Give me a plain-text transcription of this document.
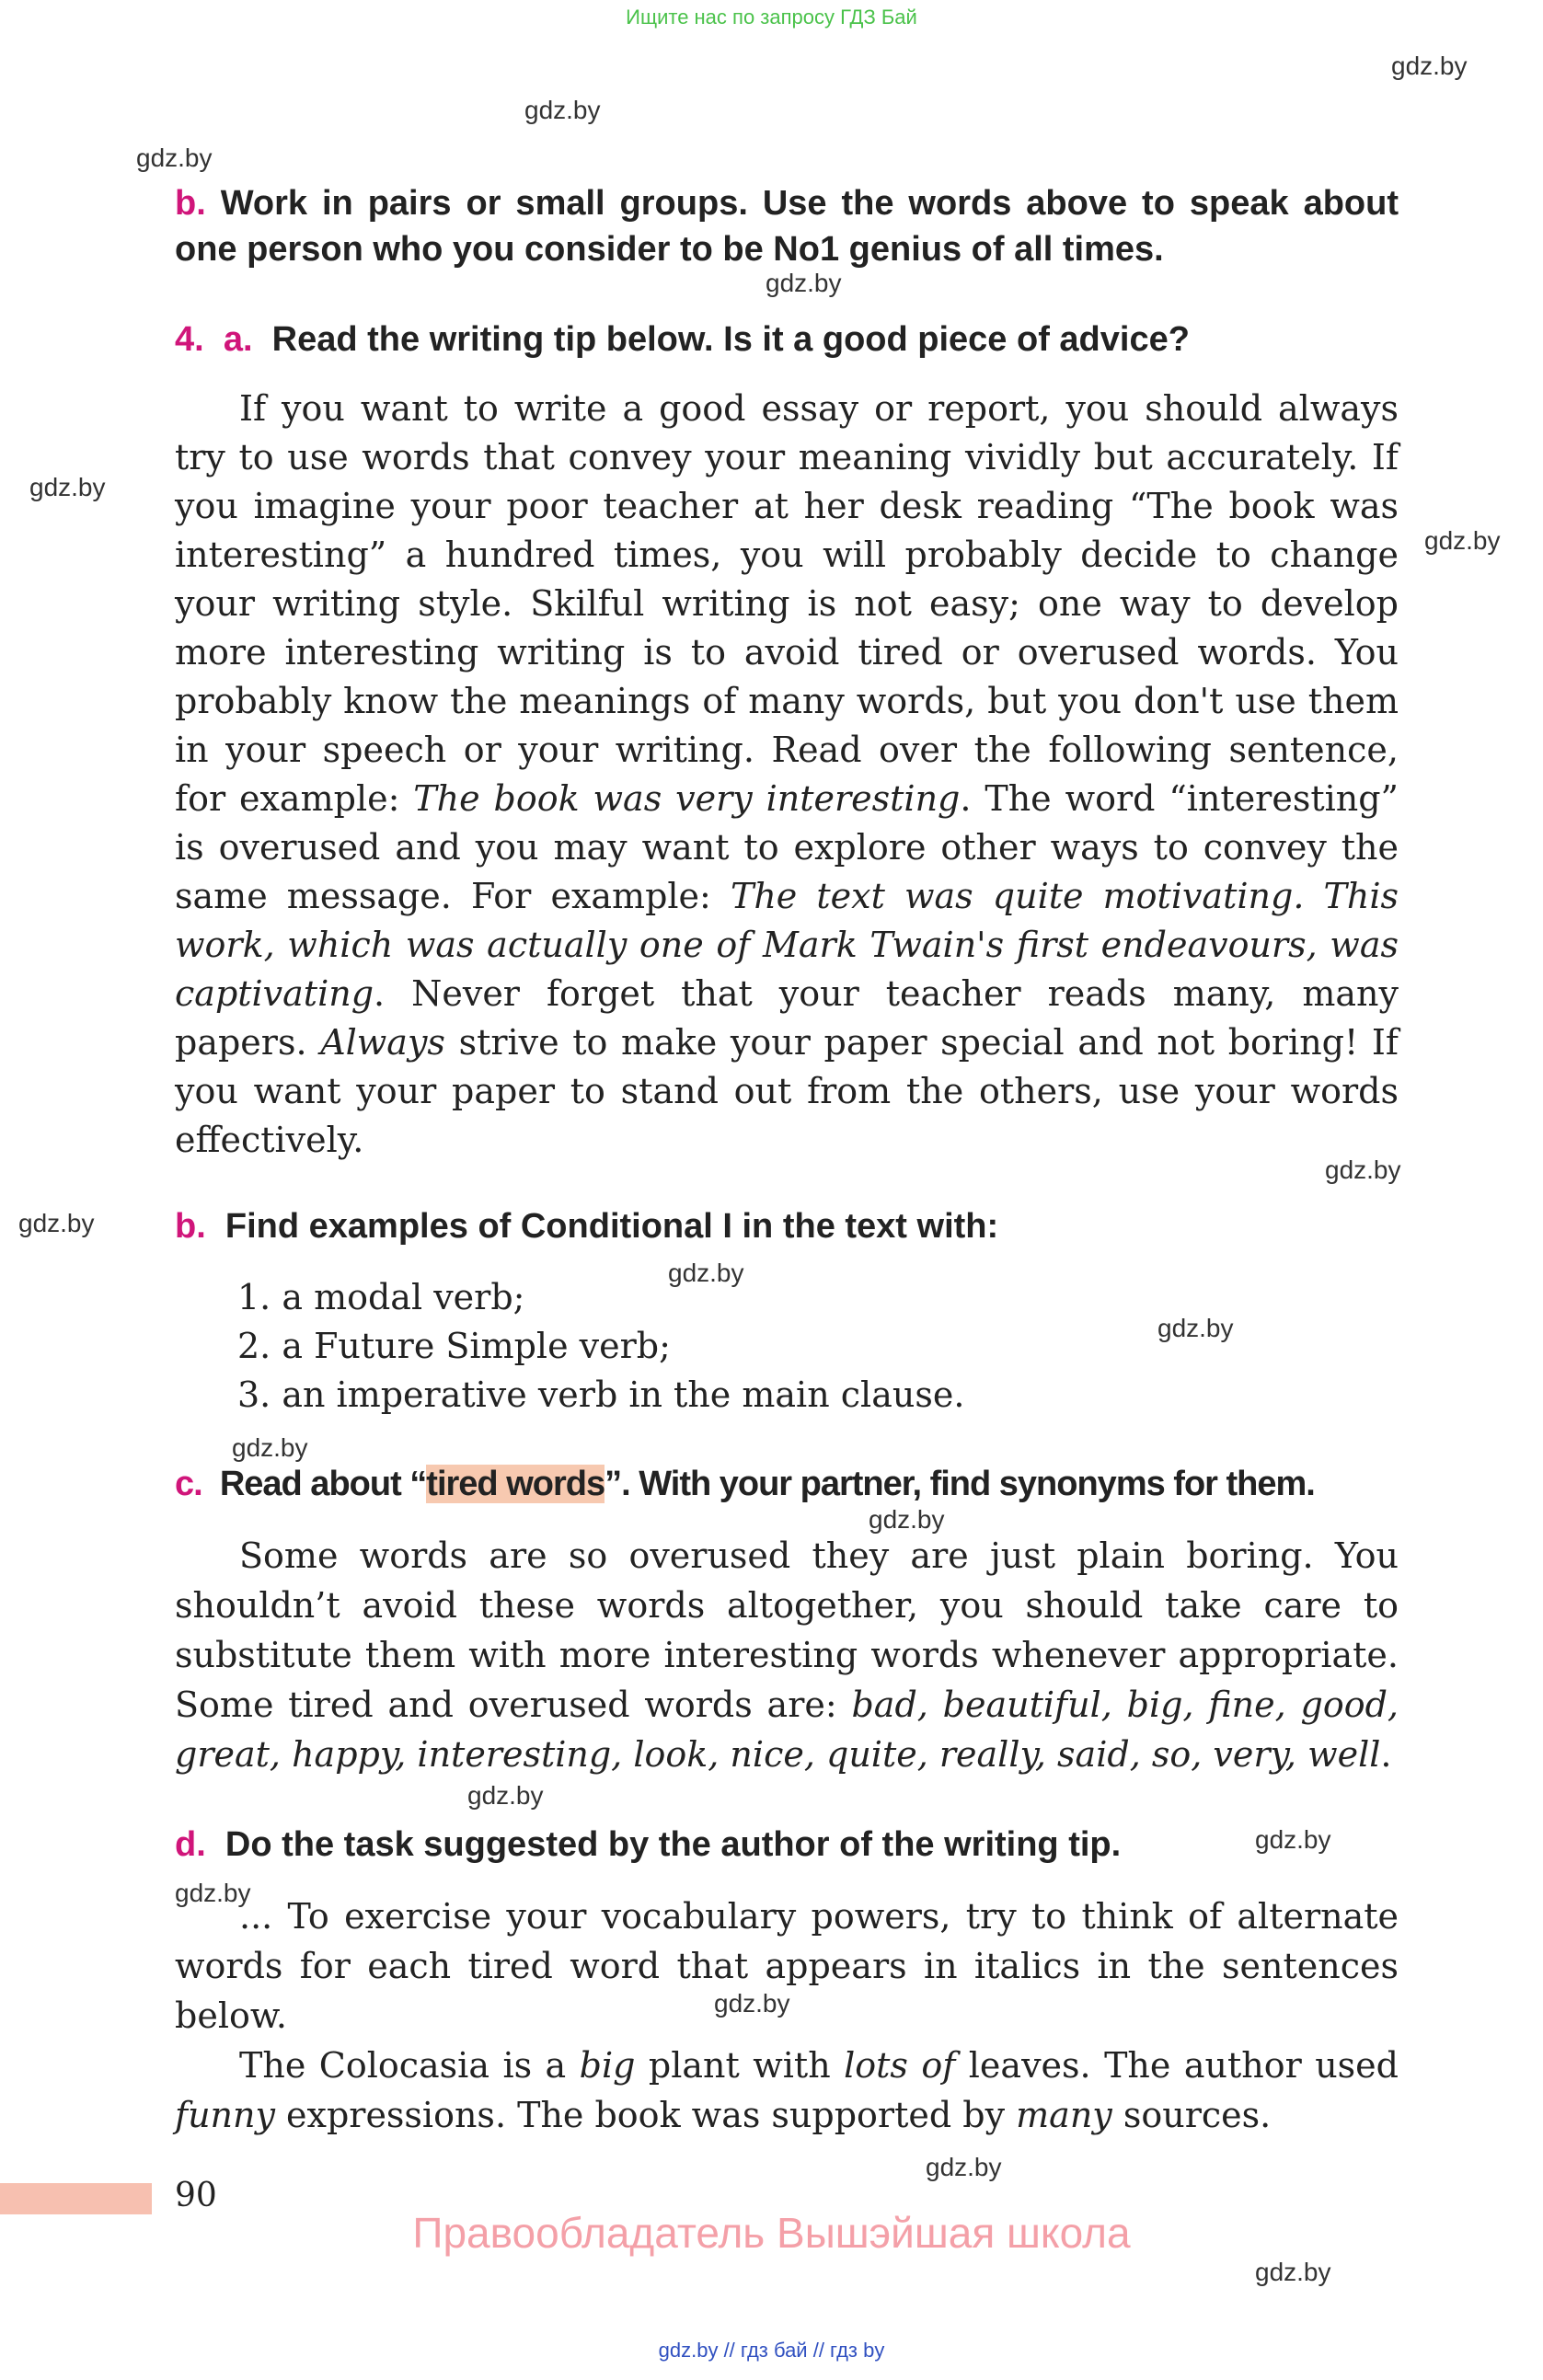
Ищите нас по запросу ГДЗ Бай
gdz.by
gdz.by
gdz.by
gdz.by
gdz.by
gdz.by
gdz.by
gdz.by
gdz.by
gdz.by
gdz.by
gdz.by
gdz.by
gdz.by
gdz.by
gdz.by
gdz.by
gdz.by
b. Work in pairs or small groups. Use the words above to speak about one person who you consider to be No1 genius of all times.
4. a. Read the writing tip below. Is it a good piece of advice?

If you want to write a good essay or report, you should always try to use words that convey your meaning vividly but accurately. If you imagine your poor teacher at her desk reading “The book was interesting” a hundred times, you will probably decide to change your writing style. Skilful writing is not easy; one way to develop more interesting writing is to avoid tired or overused words. You probably know the meanings of many words, but you don't use them in your speech or your writing. Read over the following sentence, for example: The book was very interesting. The word “interesting” is overused and you may want to explore other ways to convey the same message. For example: The text was quite motivating. This work, which was actually one of Mark Twain's first endeavours, was captivating. Never forget that your teacher reads many, many papers. Always strive to make your paper special and not boring! If you want your paper to stand out from the others, use your words effectively.

b. Find examples of Conditional I in the text with:
1. a modal verb;
2. a Future Simple verb;
3. an imperative verb in the main clause.
c. Read about “tired words”. With your partner, find synonyms for them.

Some words are so overused they are just plain boring. You shouldn’t avoid these words altogether, you should take care to substitute them with more interesting words whenever appropriate. Some tired and overused words are: bad, beautiful, big, fine, good, great, happy, interesting, look, nice, quite, really, said, so, very, well.

d. Do the task suggested by the author of the writing tip.

... To exercise your vocabulary powers, try to think of alternate words for each tired word that appears in italics in the sentences below.

The Colocasia is a big plant with lots of leaves. The author used funny expressions. The book was supported by many sources.

90
Правообладатель Вышэйшая школа
gdz.by // гдз бай // гдз by
